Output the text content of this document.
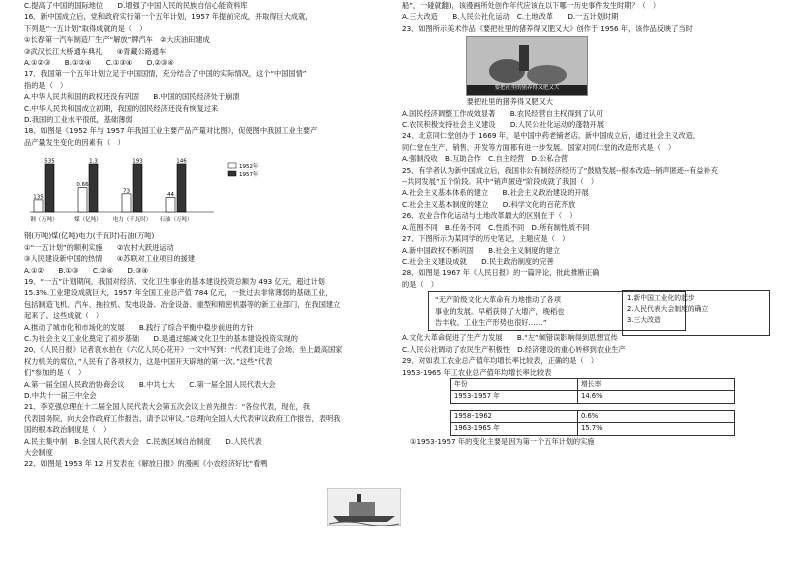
C.提高了中国的国际地位　　D.增强了中国人民的民族自信心能资料库
16、新中国成立后，党和政府实行第一个五年计划，1957 年提前完成，并取得巨大成就，
下列是“一五计划”取得成就的是（　）
①长春第一汽车制造厂生产“解放”牌汽车　②大庆油田建成
③武汉长江大桥通车典礼　　④青藏公路通车
A.①②③　　B.①②④　　C.①③④　　D.②③④
17、我国第一个五年计划立足于中国国情，充分结合了中国的实际情况，这个“中国国情”
指的是（　）
A.中华人民共和国的政权还没有巩固　　B.中国的国民经济处于崩溃
C.中华人民共和国成立初期，我国的国民经济还没有恢复过来
D.我国的工业水平很低，基础薄弱
18、如图是《1952 年与 1957 年我国工业主要产品产量对比图》，促使图中我国工业主要产
品产量发生变化的因素有（　）
135
535
钢（万吨）
0.66
1.3
煤（亿吨）
73
193
电力（千瓦时）
44
146
石油（万吨）
1952年
1957年
钢(万吨)煤(亿吨)电力(千瓦时)石油(万吨)
①“一五计划”的顺利实施　　②农村大跃进运动
③人民建设新中国的热情　　④苏联对工业项目的援建
A.①②　　B.①③　　C.②④　　D.③④
19、“一五”计划期间，我国对经济、文化卫生事业的基本建设投资总额为 493 亿元，超过计划
15.3%.工业建设成就巨大，1957 年全国工业总产值 784 亿元，一批过去非常薄弱的基础工业，
包括制造飞机、汽车、拖拉机、发电设备、冶金设备、重型和精密机器等的新工业部门，在我国建立
起来了。这些成就（　）
A.推动了城市化和市场化的发展　　B.践行了综合平衡中稳步前进的方针
C.为社会主义工业化奠定了初步基础　　D.是通过缩减文化卫生的基本建设投资实现的
20、《人民日报》记者袁水拍在《六亿人民心花开》一文中写到：“代表们走进了会场，坐上最高国家
权力机关的席位，”人民有了各项权力，这是中国开天辟地的第一次。”这些“代表
们”参加的是（　）
A.第一届全国人民政治协商会议　　B.中共七大　　C.第一届全国人民代表大会
D.中共十一届三中全会
21、李克强总理在十二届全国人民代表大会第五次会议上首先报告：“各位代表，现在，我
代表国务院，向大会作政府工作报告，请予以审议。”总理向全国人大代表审议政府工作报告，表明我
国的根本政治制度是（　）
A.民主集中制　B.全国人民代表大会　C.民族区域自治制度　　D.人民代表
大会制度
22、如图是 1953 年 12 月发表在《解放日报》的漫画《小农经济好比“看鸭
船”，一碰就翻)，该漫画所处创作年代应该在以下哪一历史事件发生时期？（　）
A.三大改造　　B.人民公社化运动　C.土地改革　　D.一五计划时期
23、如图所示美术作品《要把社里的猪养得又肥又大》创作于 1956 年，该作品反映了当时
要把社里的猪养得又肥又大
　　　　　　　　　要把社里的猪养得又肥又大
A.国民经济调整工作成效显著　　B.农民经营自主权得到了认可
C.农民积极支持社会主义建设　　D.人民公社化运动的蓬勃开展
24、北京同仁堂创办于 1669 年，是中国中药老铺老店。新中国成立后，通过社会主义改造，
同仁堂在生产、销售、开发等方面都有进一步发展。国家对同仁堂的改造形式是（　）
A.强制没收　B.互助合作　C.自主经营　D.公私合营
25、有学者认为新中国成立后，我国非公有制经济经历了“鼓励发展--根本改造--销声匿迹--有益补充
--共同发展”五个阶段。其中“销声匿迹”阶段成就了我国（　）
A.社会主义基本体系的建立　　B.社会主义政治建设的开展
C.社会主义基本制度的建立　　D.科学文化的百花齐放
26、农业合作化运动与土地改革最大的区别在于（　）
A.范围不同　B.任务不同　C.性质不同　D.所有制性质不同
27、下图所示为某同学的历史笔记，主题应是（　）
A.新中国政权不断巩固　　B.社会主义制度的建立
C.社会主义建设成就　　D.民主政治制度的完善
28、如图是 1967 年《人民日报》的一篇评论，批此推断正确
的是（　）
“无产阶级文化大革命有力地推动了各项
事业的发展。早稻获得了大增产，晚稻也
告丰收。工业生产形势也很好……”
A.文化大革命促进了生产力发展　　B.“左”倾错误影响得到思想宣传
C.人民公社调动了农民生产积极性　D.经济建设的重心转移到农业生产
29、对如表工农业总产值年均增长率比较表，正确的是（　）
1953-1965 年工农业总产值年均增长率比较表
年份	增长率
1953-1957 年	14.6%

1958–1962	0.6%
1963-1965 年	15.7%
①1953-1957 年的变化主要是因为第一个五年计划的实施
1.新中国工业化的起步
2.人民代表大会制度的确立
3.三大改造
